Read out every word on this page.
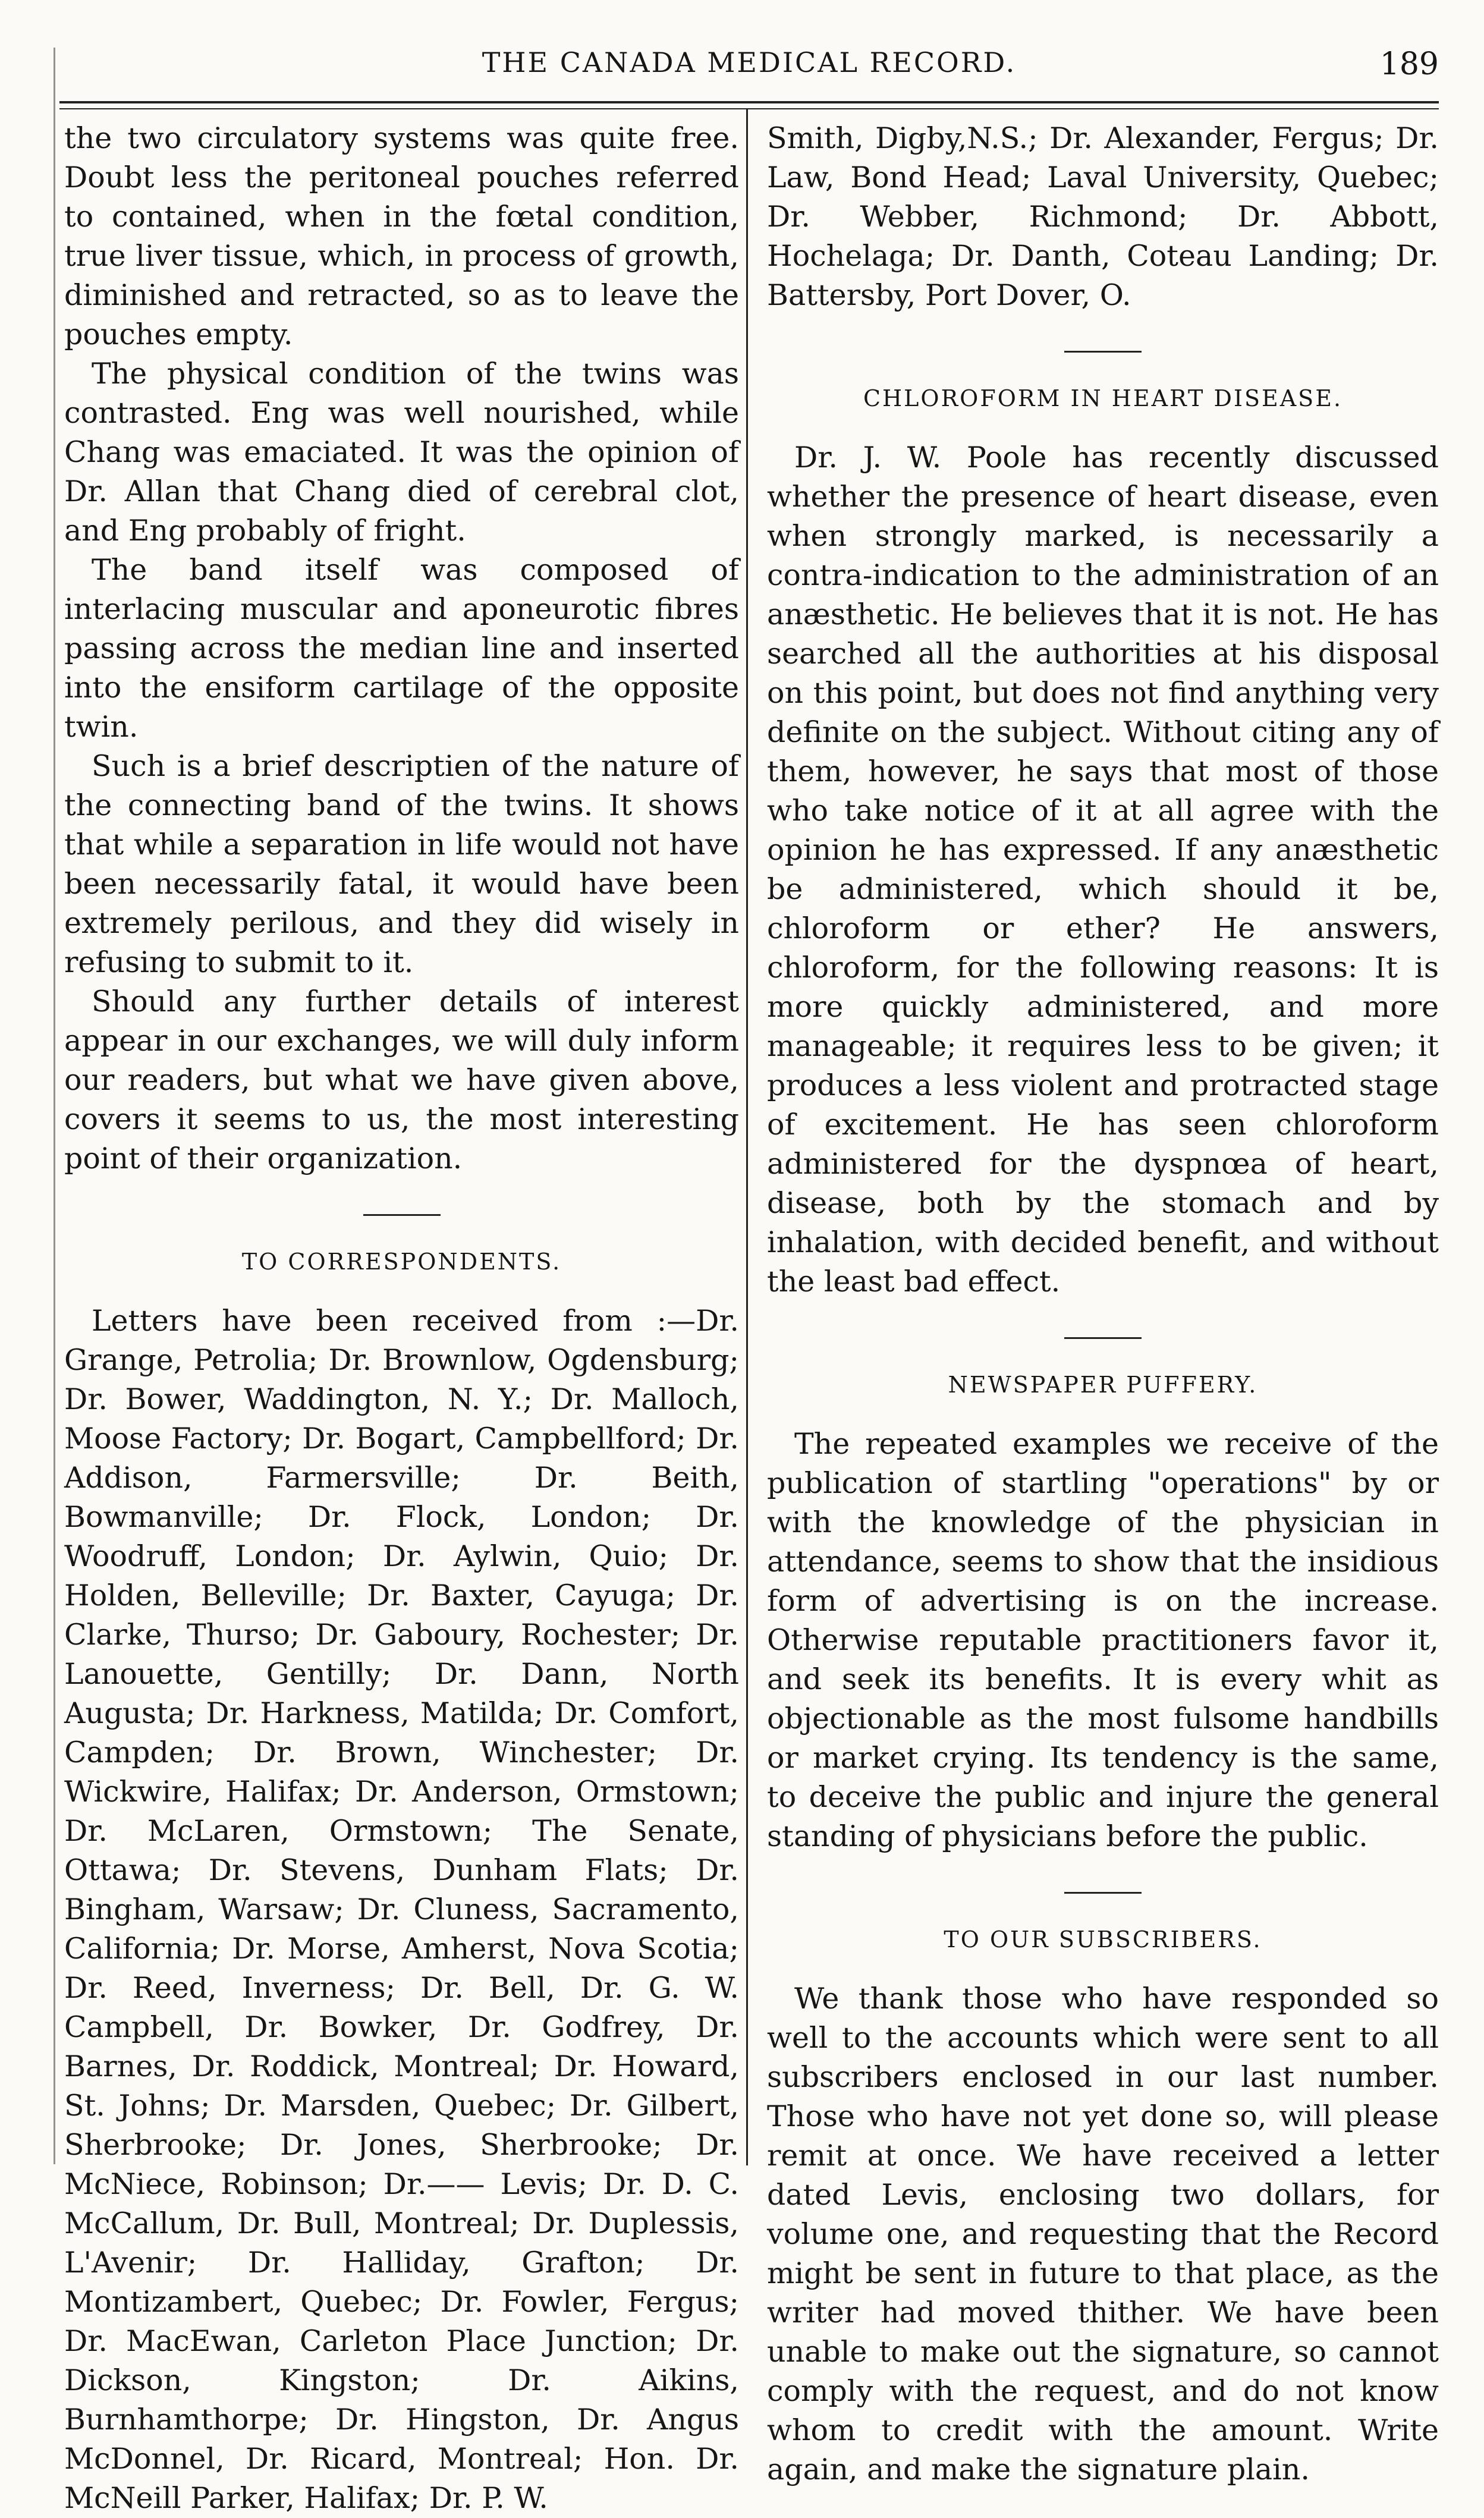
THE CANADA MEDICAL RECORD.	189

the two circulatory systems was quite free. Doubt less the peritoneal pouches referred to contained, when in the fœtal condition, true liver tissue, which, in process of growth, diminished and retracted, so as to leave the pouches empty.

The physical condition of the twins was contrasted. Eng was well nourished, while Chang was emaciated. It was the opinion of Dr. Allan that Chang died of cerebral clot, and Eng probably of fright.

The band itself was composed of interlacing muscular and aponeurotic fibres passing across the median line and inserted into the ensiform cartilage of the opposite twin.

Such is a brief descriptien of the nature of the connecting band of the twins. It shows that while a separation in life would not have been necessarily fatal, it would have been extremely perilous, and they did wisely in refusing to submit to it.

Should any further details of interest appear in our exchanges, we will duly inform our readers, but what we have given above, covers it seems to us, the most interesting point of their organization.

TO CORRESPONDENTS.

Letters have been received from :—Dr. Grange, Petrolia; Dr. Brownlow, Ogdensburg; Dr. Bower, Waddington, N. Y.; Dr. Malloch, Moose Factory; Dr. Bogart, Campbellford; Dr. Addison, Farmersville; Dr. Beith, Bowmanville; Dr. Flock, London; Dr. Woodruff, London; Dr. Aylwin, Quio; Dr. Holden, Belleville; Dr. Baxter, Cayuga; Dr. Clarke, Thurso; Dr. Gaboury, Rochester; Dr. Lanouette, Gentilly; Dr. Dann, North Augusta; Dr. Harkness, Matilda; Dr. Comfort, Campden; Dr. Brown, Winchester; Dr. Wickwire, Halifax; Dr. Anderson, Ormstown; Dr. McLaren, Ormstown; The Senate, Ottawa; Dr. Stevens, Dunham Flats; Dr. Bingham, Warsaw; Dr. Cluness, Sacramento, California; Dr. Morse, Amherst, Nova Scotia; Dr. Reed, Inverness; Dr. Bell, Dr. G. W. Campbell, Dr. Bowker, Dr. Godfrey, Dr. Barnes, Dr. Roddick, Montreal; Dr. Howard, St. Johns; Dr. Marsden, Quebec; Dr. Gilbert, Sherbrooke; Dr. Jones, Sherbrooke; Dr. McNiece, Robinson; Dr.—— Levis; Dr. D. C. McCallum, Dr. Bull, Montreal; Dr. Duplessis, L'Avenir; Dr. Halliday, Grafton; Dr. Montizambert, Quebec; Dr. Fowler, Fergus; Dr. MacEwan, Carleton Place Junction; Dr. Dickson, Kingston; Dr. Aikins, Burnhamthorpe; Dr. Hingston, Dr. Angus McDonnel, Dr. Ricard, Montreal; Hon. Dr. McNeill Parker, Halifax; Dr. P. W.

Smith, Digby,N.S.; Dr. Alexander, Fergus; Dr. Law, Bond Head; Laval University, Quebec; Dr. Webber, Richmond; Dr. Abbott, Hochelaga; Dr. Danth, Coteau Landing; Dr. Battersby, Port Dover, O.

CHLOROFORM IN HEART DISEASE.

Dr. J. W. Poole has recently discussed whether the presence of heart disease, even when strongly marked, is necessarily a contra-indication to the administration of an anæsthetic. He believes that it is not. He has searched all the authorities at his disposal on this point, but does not find anything very definite on the subject. Without citing any of them, however, he says that most of those who take notice of it at all agree with the opinion he has expressed. If any anæsthetic be administered, which should it be, chloroform or ether? He answers, chloroform, for the following reasons: It is more quickly administered, and more manageable; it requires less to be given; it produces a less violent and protracted stage of excitement. He has seen chloroform administered for the dyspnœa of heart, disease, both by the stomach and by inhalation, with decided benefit, and without the least bad effect.

NEWSPAPER PUFFERY.

The repeated examples we receive of the publication of startling "operations" by or with the knowledge of the physician in attendance, seems to show that the insidious form of advertising is on the increase. Otherwise reputable practitioners favor it, and seek its benefits. It is every whit as objectionable as the most fulsome handbills or market crying. Its tendency is the same, to deceive the public and injure the general standing of physicians before the public.

TO OUR SUBSCRIBERS.

We thank those who have responded so well to the accounts which were sent to all subscribers enclosed in our last number. Those who have not yet done so, will please remit at once. We have received a letter dated Levis, enclosing two dollars, for volume one, and requesting that the Record might be sent in future to that place, as the writer had moved thither. We have been unable to make out the signature, so cannot comply with the request, and do not know whom to credit with the amount. Write again, and make the signature plain.
